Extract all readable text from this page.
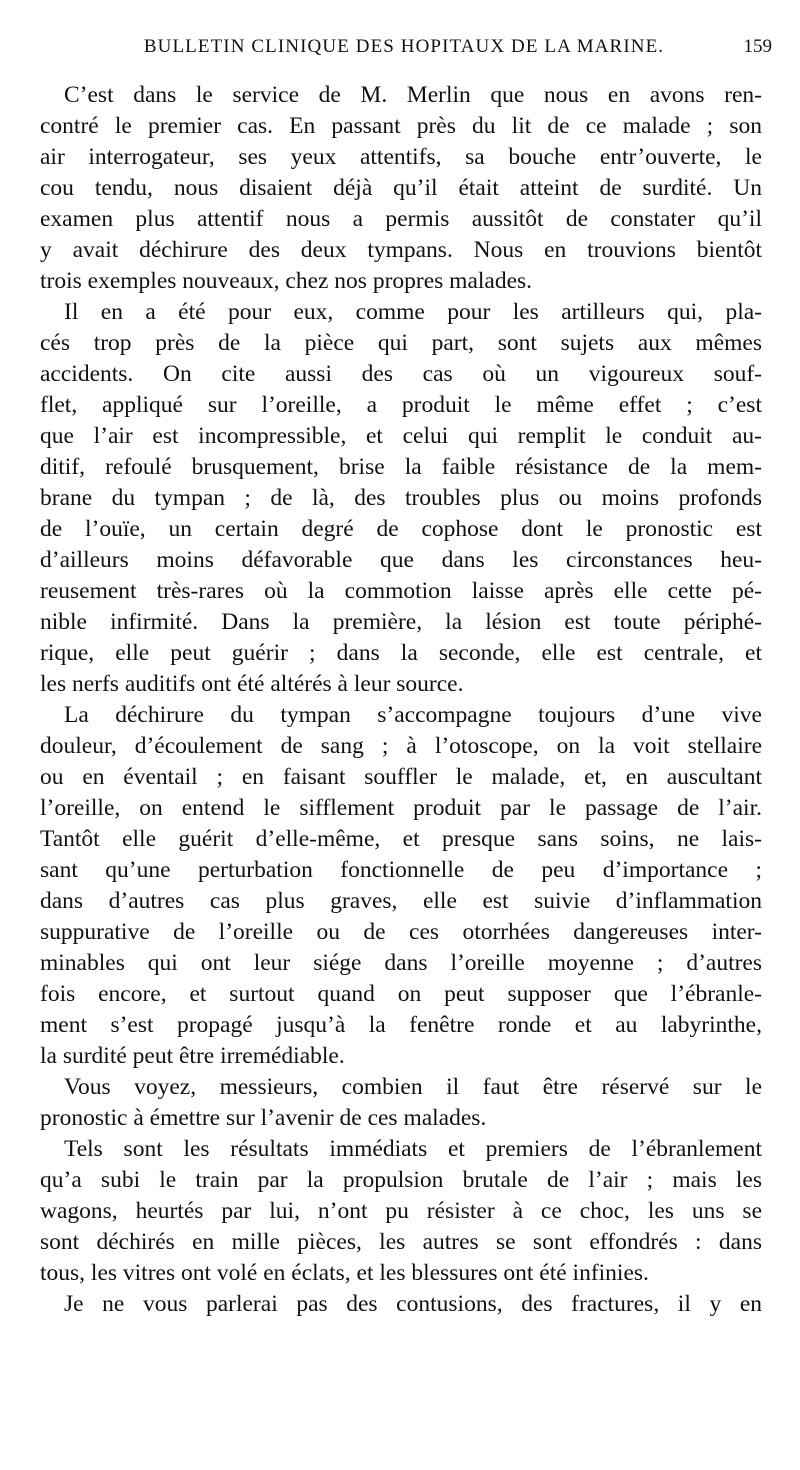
BULLETIN CLINIQUE DES HOPITAUX DE LA MARINE.	159
C’est dans le service de M. Merlin que nous en avons ren-
contré le premier cas. En passant près du lit de ce malade ; son
air interrogateur, ses yeux attentifs, sa bouche entr’ouverte, le
cou tendu, nous disaient déjà qu’il était atteint de surdité. Un
examen plus attentif nous a permis aussitôt de constater qu’il
y avait déchirure des deux tympans. Nous en trouvions bientôt
trois exemples nouveaux, chez nos propres malades.
Il en a été pour eux, comme pour les artilleurs qui, pla-
cés trop près de la pièce qui part, sont sujets aux mêmes
accidents. On cite aussi des cas où un vigoureux souf-
flet, appliqué sur l’oreille, a produit le même effet ; c’est
que l’air est incompressible, et celui qui remplit le conduit au-
ditif, refoulé brusquement, brise la faible résistance de la mem-
brane du tympan ; de là, des troubles plus ou moins profonds
de l’ouïe, un certain degré de cophose dont le pronostic est
d’ailleurs moins défavorable que dans les circonstances heu-
reusement très-rares où la commotion laisse après elle cette pé-
nible infirmité. Dans la première, la lésion est toute périphé-
rique, elle peut guérir ; dans la seconde, elle est centrale, et
les nerfs auditifs ont été altérés à leur source.
La déchirure du tympan s’accompagne toujours d’une vive
douleur, d’écoulement de sang ; à l’otoscope, on la voit stellaire
ou en éventail ; en faisant souffler le malade, et, en auscultant
l’oreille, on entend le sifflement produit par le passage de l’air.
Tantôt elle guérit d’elle-même, et presque sans soins, ne lais-
sant qu’une perturbation fonctionnelle de peu d’importance ;
dans d’autres cas plus graves, elle est suivie d’inflammation
suppurative de l’oreille ou de ces otorrhées dangereuses inter-
minables qui ont leur siége dans l’oreille moyenne ; d’autres
fois encore, et surtout quand on peut supposer que l’ébranle-
ment s’est propagé jusqu’à la fenêtre ronde et au labyrinthe,
la surdité peut être irremédiable.
Vous voyez, messieurs, combien il faut être réservé sur le
pronostic à émettre sur l’avenir de ces malades.
Tels sont les résultats immédiats et premiers de l’ébranlement
qu’a subi le train par la propulsion brutale de l’air ; mais les
wagons, heurtés par lui, n’ont pu résister à ce choc, les uns se
sont déchirés en mille pièces, les autres se sont effondrés : dans
tous, les vitres ont volé en éclats, et les blessures ont été infinies.
Je ne vous parlerai pas des contusions, des fractures, il y en
